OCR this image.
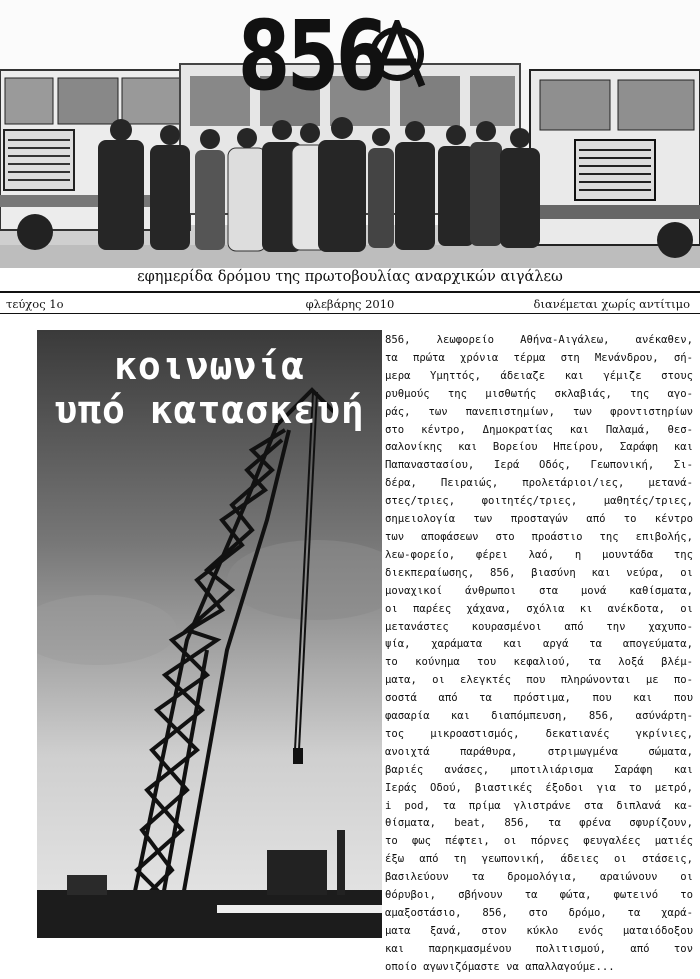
856
εφημερίδα δρόμου της πρωτοβουλίας αναρχικών αιγάλεω
τεύχος 1ο	φλεβάρης 2010	διανέμεται χωρίς αντίτιμο
κοινωνία
υπό κατασκευή
856, λεωφορείο Αθήνα-Αιγάλεω, ανέκαθεν,
τα πρώτα χρόνια τέρμα στη Μενάνδρου, σή-
μερα Υμηττός, άδειαζε και γέμιζε στους
ρυθμούς της μισθωτής σκλαβιάς, της αγο-
ράς, των πανεπιστημίων, των φροντιστηρίων
στο κέντρο, Δημοκρατίας και Παλαμά, θεσ-
σαλονίκης και Βορείου Ηπείρου, Σαράφη και
Παπαναστασίου, Ιερά Οδός, Γεωπονική, Σι-
δέρα, Πειραιώς, προλετάριοι/ιες, μετανά-
στες/τριες, φοιτητές/τριες, μαθητές/τριες,
σημειολογία των προσταγών από το κέντρο
των αποφάσεων στο προάστιο της επιβολής,
λεω-φορείο, φέρει λαό, η μουντάδα της
διεκπεραίωσης, 856, βιασύνη και νεύρα, οι
μοναχικοί άνθρωποι στα μονά καθίσματα,
οι παρέες χάχανα, σχόλια κι ανέκδοτα, οι
μετανάστες κουρασμένοι από την χαχυπο-
ψία, χαράματα και αργά τα απογεύματα,
το κούνημα του κεφαλιού, τα λοξά βλέμ-
ματα, οι ελεγκτές που πληρώνονται με πο-
σοστά από τα πρόστιμα, που και που
φασαρία και διαπόμπευση, 856, ασύνάρτη-
τος μικροαστισμός, δεκατιανές γκρίνιες,
ανοιχτά παράθυρα, στριμωγμένα σώματα,
βαριές ανάσες, μποτιλιάρισμα Σαράφη και
Ιεράς Οδού, βιαστικές έξοδοι για το μετρό,
i pod, τα πρίμα γλιστράνε στα διπλανά κα-
θίσματα, beat, 856, τα φρένα σφυρίζουν,
το φως πέφτει, οι πόρνες φευγαλέες ματιές
έξω από τη γεωπονική, άδειες οι στάσεις,
βασιλεύουν τα δρομολόγια, αραιώνουν οι
θόρυβοι, σβήνουν τα φώτα, φωτεινό το
αμαξοστάσιο, 856, στο δρόμο, τα χαρά-
ματα ξανά, στον κύκλο ενός ματαιόδοξου
και παρηκμασμένου πολιτισμού, από τον
οποίο αγωνιζόμαστε να απαλλαγούμε...
